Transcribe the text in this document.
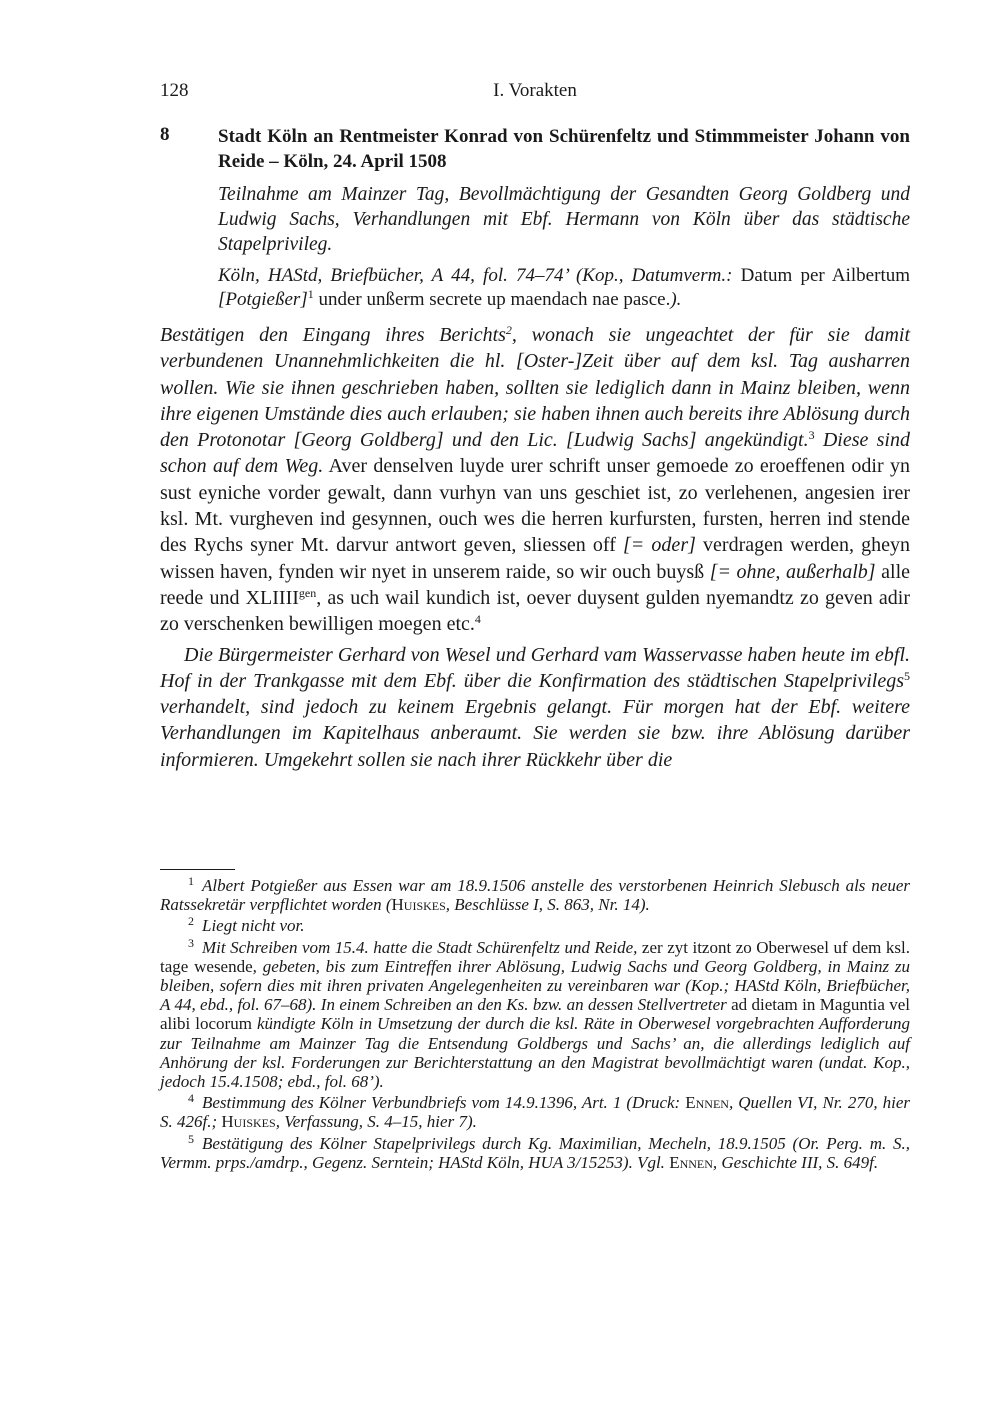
128	I. Vorakten
8	Stadt Köln an Rentmeister Konrad von Schürenfeltz und Stimmmeister Johann von Reide – Köln, 24. April 1508
Teilnahme am Mainzer Tag, Bevollmächtigung der Gesandten Georg Goldberg und Ludwig Sachs, Verhandlungen mit Ebf. Hermann von Köln über das städtische Stapelprivileg.
Köln, HAStd, Briefbücher, A 44, fol. 74–74’ (Kop., Datumverm.: Datum per Ailbertum [Potgießer]$^1$ under unßerm secrete up maendach nae pasce.).

Bestätigen den Eingang ihres Berichts$^2$, wonach sie ungeachtet der für sie damit verbundenen Unannehmlichkeiten die hl. [Oster-]Zeit über auf dem ksl. Tag ausharren wollen. Wie sie ihnen geschrieben haben, sollten sie lediglich dann in Mainz bleiben, wenn ihre eigenen Umstände dies auch erlauben; sie haben ihnen auch bereits ihre Ablösung durch den Protonotar [Georg Goldberg] und den Lic. [Ludwig Sachs] angekündigt.$^3$ Diese sind schon auf dem Weg. Aver denselven luyde urer schrift unser gemoede zo eroeffenen odir yn sust eyniche vorder gewalt, dann vurhyn van uns geschiet ist, zo verlehenen, angesien irer ksl. Mt. vurgheven ind gesynnen, ouch wes die herren kurfursten, fursten, herren ind stende des Rychs syner Mt. darvur antwort geven, sliessen off [= oder] verdragen werden, gheyn wissen haven, fynden wir nyet in unserem raide, so wir ouch buysß [= ohne, außerhalb] alle reede und $XLIIII^{gen}$, as uch wail kundich ist, oever duysent gulden nyemandtz zo geven adir zo verschenken bewilligen moegen etc.$^4$

Die Bürgermeister Gerhard von Wesel und Gerhard vam Wasservasse haben heute im ebfl. Hof in der Trankgasse mit dem Ebf. über die Konfirmation des städtischen Stapelprivilegs$^5$ verhandelt, sind jedoch zu keinem Ergebnis gelangt. Für morgen hat der Ebf. weitere Verhandlungen im Kapitelhaus anberaumt. Sie werden sie bzw. ihre Ablösung darüber informieren. Umgekehrt sollen sie nach ihrer Rückkehr über die

$^1$ Albert Potgießer aus Essen war am 18.9.1506 anstelle des verstorbenen Heinrich Slebusch als neuer Ratssekretär verpflichtet worden (Huiskes, Beschlüsse I, S. 863, Nr. 14).

$^2$ Liegt nicht vor.

$^3$ Mit Schreiben vom 15.4. hatte die Stadt Schürenfeltz und Reide, zer zyt itzont zo Oberwesel uf dem ksl. tage wesende, gebeten, bis zum Eintreffen ihrer Ablösung, Ludwig Sachs und Georg Goldberg, in Mainz zu bleiben, sofern dies mit ihren privaten Angelegenheiten zu vereinbaren war (Kop.; HAStd Köln, Briefbücher, A 44, ebd., fol. 67–68). In einem Schreiben an den Ks. bzw. an dessen Stellvertreter ad dietam in Maguntia vel alibi locorum kündigte Köln in Umsetzung der durch die ksl. Räte in Oberwesel vorgebrachten Aufforderung zur Teilnahme am Mainzer Tag die Entsendung Goldbergs und Sachs’ an, die allerdings lediglich auf Anhörung der ksl. Forderungen zur Berichterstattung an den Magistrat bevollmächtigt waren (undat. Kop., jedoch 15.4.1508; ebd., fol. 68’).

$^4$ Bestimmung des Kölner Verbundbriefs vom 14.9.1396, Art. 1 (Druck: Ennen, Quellen VI, Nr. 270, hier S. 426f.; Huiskes, Verfassung, S. 4–15, hier 7).

$^5$ Bestätigung des Kölner Stapelprivilegs durch Kg. Maximilian, Mecheln, 18.9.1505 (Or. Perg. m. S., Vermm. prps./amdrp., Gegenz. Serntein; HAStd Köln, HUA 3/15253). Vgl. Ennen, Geschichte III, S. 649f.
